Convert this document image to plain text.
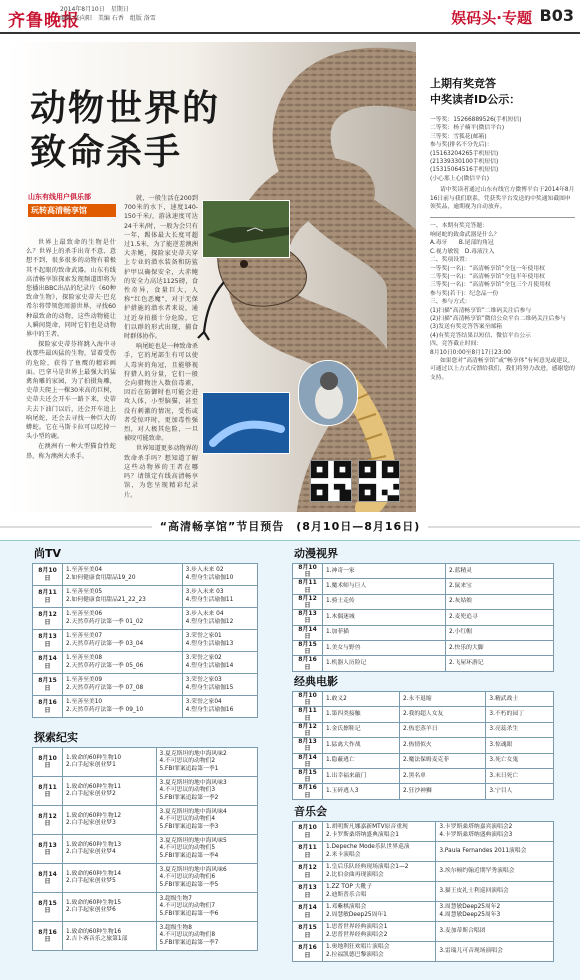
齐鲁晚报
2014年8月10日　星期日
编辑 张向阳　美编 石香　组版 洛雪	娱码头·专题 B03
动物世界的
致命杀手
山东有线用户俱乐部
玩转高清畅享馆

世界上最致命的生物是什么？世界上的杀手出奇不意、意想不到，很多很多的动物有着极其不起眼的致命武器。山东有线高清畅享馆探索发现频道即将为您播出BBC出品的纪录片《60种致命生物》，探险家史蒂夫·巴克希尔将带领您周游世界，寻找60种最致命的动物，这些动物能让人瞬间毙命，同时它们也是动物界中的王者。

探险家史蒂芬将跳入海中寻找那些最凶猛的生物，冒着受伤的危险，获得了鱼鹰的精彩画面。巴拿马是世界上最强大的猛禽角雕的家园，为了拍摄角雕，史蒂夫爬上一棵30米高的巨树，史蒂夫还会开车一路下来，史蒂夫去下油门以后，还会开车追上响尾蛇，还会去寻找一种巨大的蟒蛇。它在马斯卡拉可以吃掉一头小型的鹿。

在澳洲有一种大型猫食性蛇鼻，称为澳洲大杀手。

就，一般生活在200到700米的水下，速度140-150千米/，游泳速度可达24千米/时，一般为会只有一年，踢体最大长度可超过1.5米，为了能逆差澳洲大赤鲍，探险家史蒂夫穿上专业的潜水装备和防鲨护甲以确保安全，大赤鲍的安全力高达1125磅，食性奇异，食量巨大，人称“红色恶魔”，对于无保护措施的潜水者来说，通过近身拍摄十分危险，它们以群的形式出现，捕食时群体协作。

响尾蛇也是一种致命杀手，它的尾部生有可以使人毒害的角冠，且能够视狩猎人的分量，它们一般会向猎物注入数倍毒素，因后在防御时也可能会进攻人体，小型脑猫，甚至没有刺激的情况，受伤或者受惊吓时，更加毒性强烈，对人极其危险，一旦被咬可能致命。

世界知道更多动物界的致命杀手吗？想知道了解这些动物界的王者在哪吗？请锁定有线高清畅享馆，为您呈现精彩纪录片。

上期有奖竞答
中奖读者ID公示：
一等奖：15266889526(手机短信)
二等奖：杨子楠平(微信平台)
三等奖：雪狐花(邮箱)
参与奖(排名不分先后)：
(15163204265手机短信)
(21339330100手机短信)
(15315064516手机短信)
(小心那上心(微信平台)
请中奖读者通过山东有线官方微博平台于2014年8月16日前与我们联系，凭获奖平台发送的中奖通知截图申领奖品，逾期视为自动放弃。
一、本期有奖竞答题：
响尾蛇的致命武器是什么？
A.毒牙　　B.尾部的角冠
C.视力敏锐　D.毒液注入
二、奖项设置：
一等奖(一名)：“高清畅享馆”全包一年使用权
二等奖(一名)：“高清畅享馆”全包半年使用权
三等奖(一名)：“高清畅享馆”全包三个月使用权
参与奖(若干)：纪念品一份
三、参与方式：
(1)扫描“高清畅享馆”二维码关注后参与
(2)扫描“高清畅享馆”微信公众平台二维码关注后参与
(3)发送有奖竞答答案至邮箱
(4)有奖竞答结果以短信、微信平台公示
四、竞答截止时间：
8月10日0:00至8月17日23:00
如果您对“高清畅享馆”或“畅享体”有何意见或建议，可通过以上方式反馈给我们，我们将努力改进，感谢您的支持。
“高清畅享馆”节目预告　(8月10日—8月16日)
尚TV
8月10日	1.至善至美04
2.如何健康食用甜品19_20	3.步入未来 02
4.塑身生活瑜伽10
8月11日	1.至善至美05
2.如何健康食用甜品21_22_23	3.步入未来 03
4.塑身生活瑜伽11
8月12日	1.至善至美06
2.天然草药疗法第一季 01_02	3.步入未来 04
4.塑身生活瑜伽12
8月13日	1.至善至美07
2.天然草药疗法第一季 03_04	3.荣誉之家01
4.塑身生活瑜伽13
8月14日	1.至善至美08
2.天然草药疗法第一季 05_06	3.荣誉之家02
4.塑身生活瑜伽14
8月15日	1.至善至美09
2.天然草药疗法第一季 07_08	3.荣誉之家03
4.塑身生活瑜伽15
8月16日	1.至善至美10
2.天然草药疗法第一季 09_10	3.荣誉之家04
4.塑身生活瑜伽16
探索纪实
8月10日	1.致命的60种生物10
2.白手起家创业梦1	3.夏克斯坦的地中海风味2
4.不可思议的动物们2
5.FBI罪案追踪第一季1
8月11日	1.致命的60种生物11
2.白手起家创业梦2	3.夏克斯坦的地中海风味3
4.不可思议的动物们3
5.FBI罪案追踪第一季2
8月12日	1.致命的60种生物12
2.白手起家创业梦3	3.夏克斯坦的地中海风味4
4.不可思议的动物们4
5.FBI罪案追踪第一季3
8月13日	1.致命的60种生物13
2.白手起家创业梦4	3.夏克斯坦的地中海风味5
4.不可思议的动物们5
5.FBI罪案追踪第一季4
8月14日	1.致命的60种生物14
2.白手起家创业梦5	3.夏克斯坦的地中海风味6
4.不可思议的动物们6
5.FBI罪案追踪第一季5
8月15日	1.致命的60种生物15
2.白手起家创业梦6	3.超级生物7
4.不可思议的动物们7
5.FBI罪案追踪第一季6
8月16日	1.致命的60种生物16
2.吉卜赛音乐之旅第1部	3.超级生物8
4.不可思议的动物们8
5.FBI罪案追踪第一季7
动漫视界
8月10日	1.神奇一家	2.蓝精灵
8月11日	1.魔术师与巨人	2.鼠来宝
8月12日	1.骑士走传	2.灰姑娘
8月13日	1.木偶迷城	2.麦兜追寻
8月14日	1.加菲猫	2.小红帽
8月15日	1.美女与野兽	2.快乐的大脚
8月16日	1.机器人历险记	2.飞屋环游记
经典电影
8月10日	1.敢义2	2.永不退缩	3.精武战士
8月11日	1.第四类接触	2.我的超人女友	3.不朽的园丁
8月12日	1.金氏擦鞋记	2.热恋蒸羊日	3.亮蕊杀生
8月13日	1.猛禽大作战	2.热情似火	3.惊魂眼
8月14日	1.隐蔽逃亡	2.魔法保姆麦克菲	3.死亡女鬼
8月15日	1.出幸福来敲门	2.黑名单	3.末日死亡
8月16日	1.玉碎逃人3	2.狂沙神狮	3.宁目人
音乐会
8月10日	1.胡明斯凡娜嘉新MTV原音重现
2.卡罗斯桑塔纳盛典演唱会1	3.卡罗斯桑塔纳嘉宾演唱会2
4.卡罗斯桑塔纳盛典演唱会3
8月11日	1.Depeche Mode乐队世界巡演
2.米卡演唱会	3.Paula Fernandes 2011演唱会
8月12日	1.皇后乐队经典现场演唱会1—2
2.比伯金曲再现演唱会	3.埃尔顿约翰近期罕秀演唱会
8月13日	1.ZZ TOP 大靴子
2.迪斯普乐合唱	3.猫王皮礼士利巡回演唱会
8月14日	1.邓紫棋演唱会
2.周慧敏Deep25周年1	3.周慧敏Deep25周年2
4.周慧敏Deep25周年3
8月15日	1.思普世界经典演唱会1
2.思普世界经典演唱会2	3.麦加蒂斯合唱团
8月16日	1.奥地利狂欢唱片演唱会
2.拉福凯德巴黎演唱会	3.雷瑞儿可音现场演唱会
